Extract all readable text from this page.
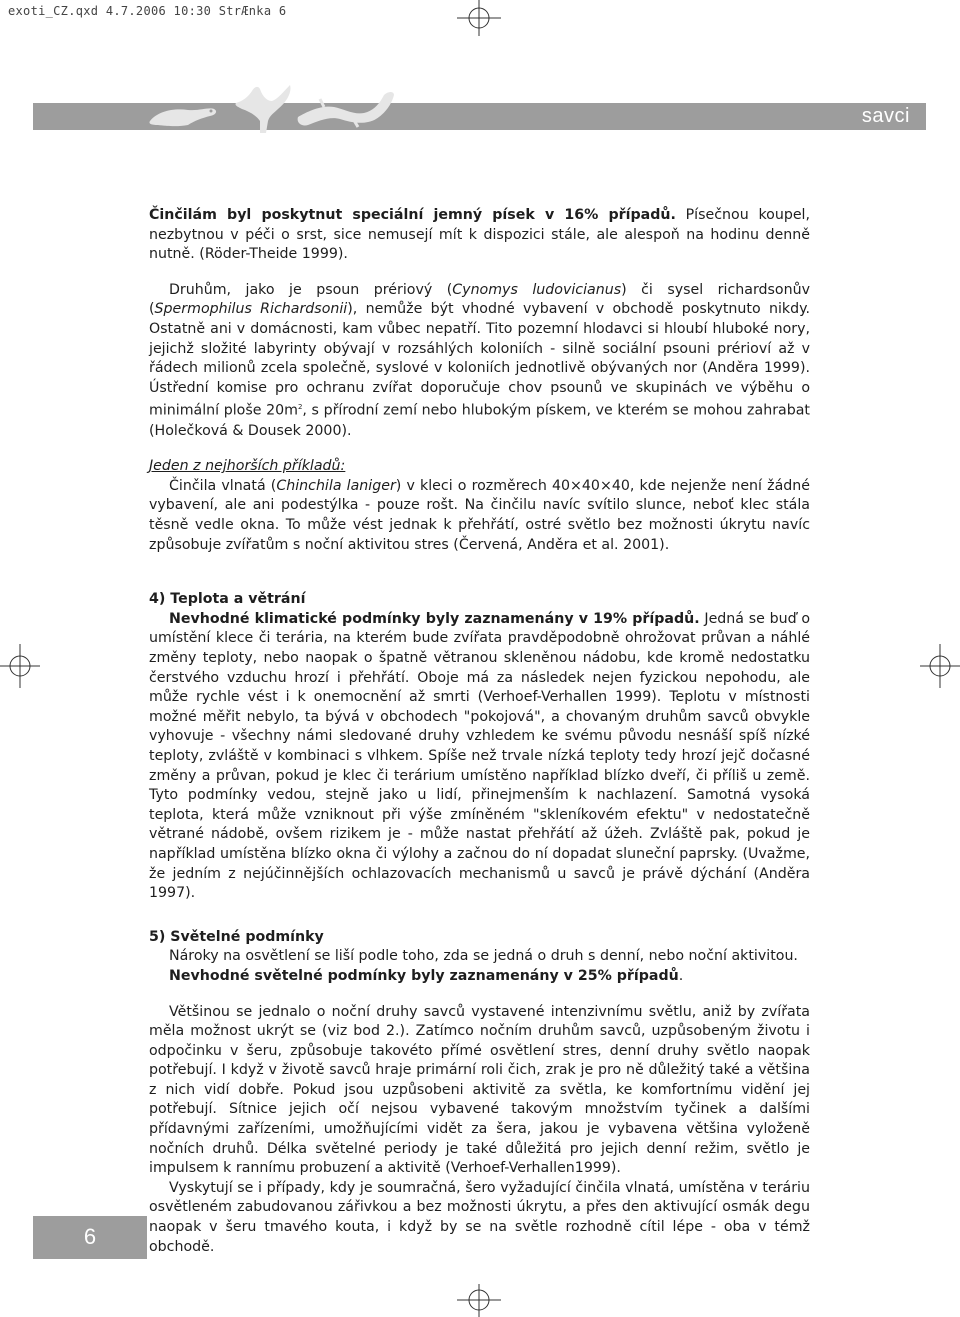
exoti_CZ.qxd 4.7.2006 10:30 StrÆnka 6
savci

Činčilám byl poskytnut speciální jemný písek v 16% případů. Písečnou koupel, nezbytnou v péči o srst, sice nemusejí mít k dispozici stále, ale alespoň na hodinu denně nutně. (Röder-Theide 1999).

Druhům, jako je psoun prériový (Cynomys ludovicianus) či sysel richardsonův (Spermophilus Richardsonii), nemůže být vhodné vybavení v obchodě poskytnuto nikdy. Ostatně ani v domácnosti, kam vůbec nepatří. Tito pozemní hlodavci si hloubí hluboké nory, jejichž složité labyrinty obývají v rozsáhlých koloniích - silně sociální psouni prérioví až v řádech milionů zcela společně, syslové v koloniích jednotlivě obývaných nor (Anděra 1999). Ústřední komise pro ochranu zvířat doporučuje chov psounů ve skupinách ve výběhu o minimální ploše $20m^2$, s přírodní zemí nebo hlubokým pískem, ve kterém se mohou zahrabat (Holečková & Dousek 2000).

Jeden z nejhorších příkladů:

Činčila vlnatá (Chinchila laniger) v kleci o rozměrech 40×40×40, kde nejenže není žádné vybavení, ale ani podestýlka - pouze rošt. Na činčilu navíc svítilo slunce, neboť klec stála těsně vedle okna. To může vést jednak k přehřátí, ostré světlo bez možnosti úkrytu navíc způsobuje zvířatům s noční aktivitou stres (Červená, Anděra et al. 2001).

4) Teplota a větrání

Nevhodné klimatické podmínky byly zaznamenány v 19% případů. Jedná se buď o umístění klece či terária, na kterém bude zvířata pravděpodobně ohrožovat průvan a náhlé změny teploty, nebo naopak o špatně větranou skleněnou nádobu, kde kromě nedostatku čerstvého vzduchu hrozí i přehřátí. Oboje má za následek nejen fyzickou nepohodu, ale může rychle vést i k onemocnění až smrti (Verhoef-Verhallen 1999). Teplotu v místnosti možné měřit nebylo, ta bývá v obchodech "pokojová", a chovaným druhům savců obvykle vyhovuje - všechny námi sledované druhy vzhledem ke svému původu nesnáší spíš nízké teploty, zvláště v kombinaci s vlhkem. Spíše než trvale nízká teploty tedy hrozí jejč dočasné změny a průvan, pokud je klec či terárium umístěno například blízko dveří, či příliš u země. Tyto podmínky vedou, stejně jako u lidí, přinejmenším k nachlazení. Samotná vysoká teplota, která může vzniknout při výše zmíněném "skleníkovém efektu" v nedostatečně větrané nádobě, ovšem rizikem je - může nastat přehřátí až úžeh. Zvláště pak, pokud je například umístěna blízko okna či výlohy a začnou do ní dopadat sluneční paprsky. (Uvažme, že jedním z nejúčinnějších ochlazovacích mechanismů u savců je právě dýchání (Anděra 1997).

5) Světelné podmínky

Nároky na osvětlení se liší podle toho, zda se jedná o druh s denní, nebo noční aktivitou.

Nevhodné světelné podmínky byly zaznamenány v 25% případů.

Většinou se jednalo o noční druhy savců vystavené intenzivnímu světlu, aniž by zvířata měla možnost ukrýt se (viz bod 2.). Zatímco nočním druhům savců, uzpůsobeným životu i odpočinku v šeru, způsobuje takovéto přímé osvětlení stres, denní druhy světlo naopak potřebují. I když v životě savců hraje primární roli čich, zrak je pro ně důležitý také a většina z nich vidí dobře. Pokud jsou uzpůsobeni aktivitě za světla, ke komfortnímu vidění jej potřebují. Sítnice jejich očí nejsou vybavené takovým množstvím tyčinek a dalšími přídavnými zařízeními, umožňujícími vidět za šera, jakou je vybavena většina vyloženě nočních druhů. Délka světelné periody je také důležitá pro jejich denní režim, světlo je impulsem k rannímu probuzení a aktivitě (Verhoef-Verhallen1999).

Vyskytují se i případy, kdy je soumračná, šero vyžadující činčila vlnatá, umístěna v teráriu osvětleném zabudovanou zářivkou a bez možnosti úkrytu, a přes den aktivující osmák degu naopak v šeru tmavého kouta, i když by se na světle rozhodně cítil lépe - oba v témž obchodě.

6
